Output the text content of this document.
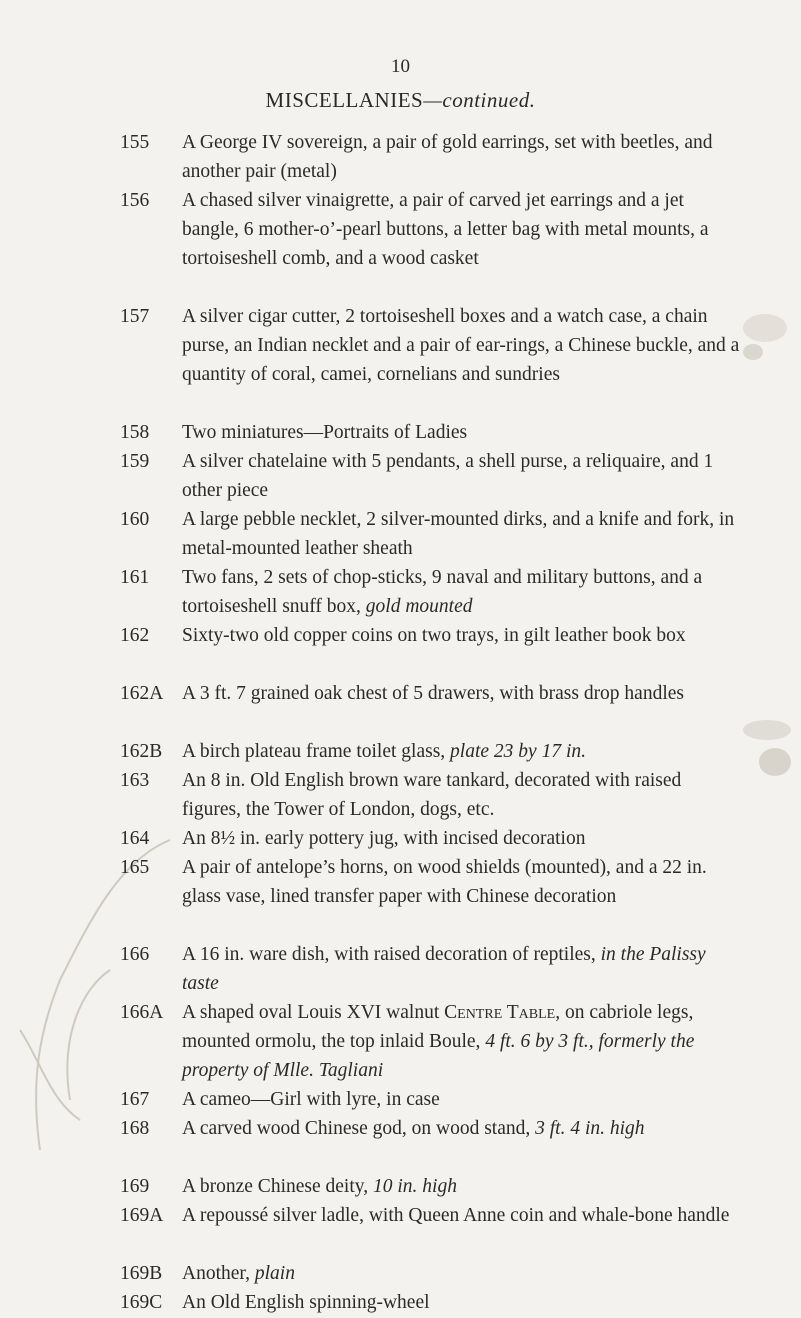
10
MISCELLANIES—continued.
155	A George IV sovereign, a pair of gold earrings, set with beetles, and another pair (metal)
156	A chased silver vinaigrette, a pair of carved jet earrings and a jet bangle, 6 mother-o’-pearl buttons, a letter bag with metal mounts, a tortoiseshell comb, and a wood casket
157	A silver cigar cutter, 2 tortoiseshell boxes and a watch case, a chain purse, an Indian necklet and a pair of ear-rings, a Chinese buckle, and a quantity of coral, camei, cornelians and sundries
158	Two miniatures—Portraits of Ladies
159	A silver chatelaine with 5 pendants, a shell purse, a reliquaire, and 1 other piece
160	A large pebble necklet, 2 silver-mounted dirks, and a knife and fork, in metal-mounted leather sheath
161	Two fans, 2 sets of chop-sticks, 9 naval and military buttons, and a tortoiseshell snuff box, gold mounted
162	Sixty-two old copper coins on two trays, in gilt leather book box
162A A 3 ft. 7 grained oak chest of 5 drawers, with brass drop handles
162B	A birch plateau frame toilet glass, plate 23 by 17 in.
163	An 8 in. Old English brown ware tankard, decorated with raised figures, the Tower of London, dogs, etc.
164	An 8½ in. early pottery jug, with incised decoration
165	A pair of antelope’s horns, on wood shields (mounted), and a 22 in. glass vase, lined transfer paper with Chinese decoration
166	A 16 in. ware dish, with raised decoration of reptiles, in the Palissy taste
166A A shaped oval Louis XVI walnut Centre Table, on cabriole legs, mounted ormolu, the top inlaid Boule, 4 ft. 6 by 3 ft., formerly the property of Mlle. Tagliani
167	A cameo—Girl with lyre, in case
168	A carved wood Chinese god, on wood stand, 3 ft. 4 in. high
169	A bronze Chinese deity, 10 in. high
169A A repoussé silver ladle, with Queen Anne coin and whale-bone handle
169B	Another, plain
169C	An Old English spinning-wheel
